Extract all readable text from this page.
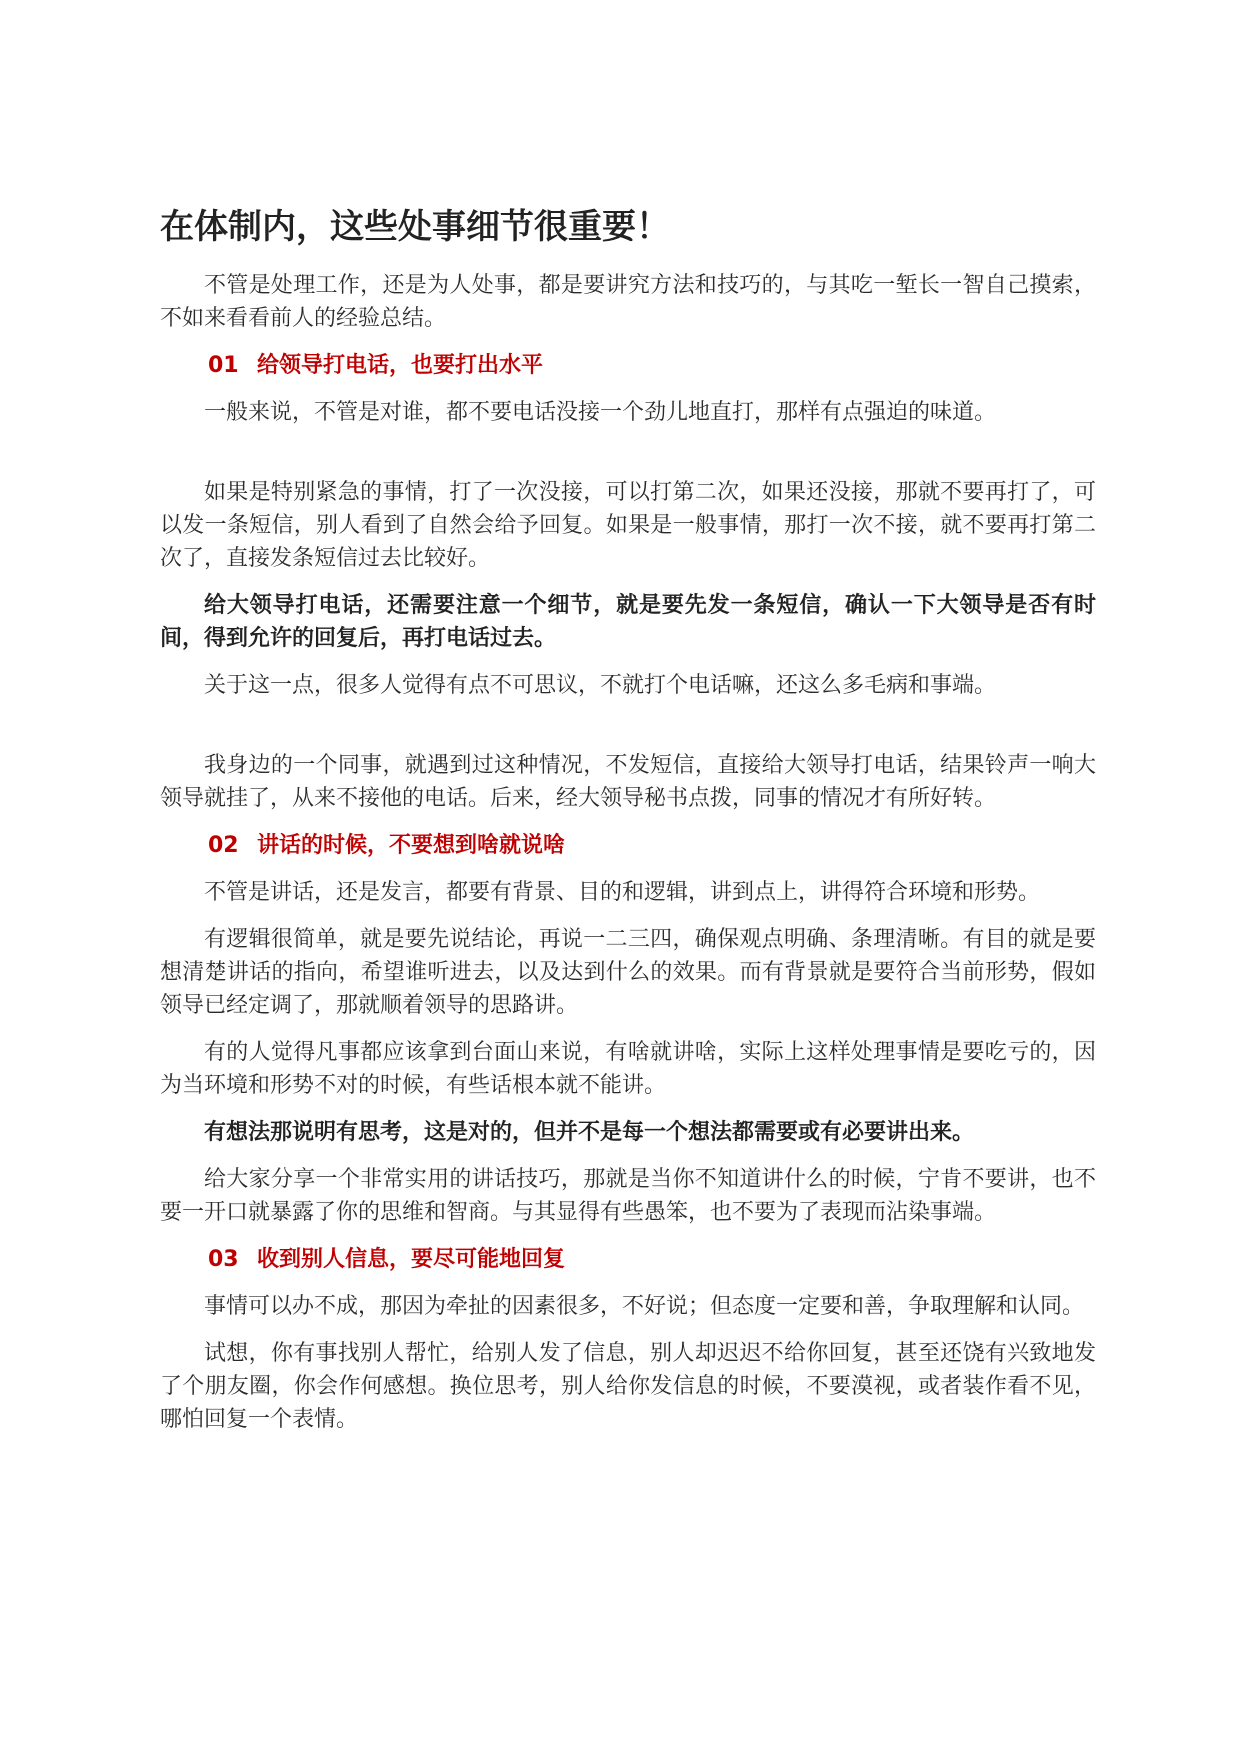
在体制内，这些处事细节很重要！

不管是处理工作，还是为人处事，都是要讲究方法和技巧的，与其吃一堑长一智自己摸索，不如来看看前人的经验总结。

01 给领导打电话，也要打出水平

一般来说，不管是对谁，都不要电话没接一个劲儿地直打，那样有点强迫的味道。

如果是特别紧急的事情，打了一次没接，可以打第二次，如果还没接，那就不要再打了，可以发一条短信，别人看到了自然会给予回复。如果是一般事情，那打一次不接，就不要再打第二次了，直接发条短信过去比较好。

给大领导打电话，还需要注意一个细节，就是要先发一条短信，确认一下大领导是否有时间，得到允许的回复后，再打电话过去。

关于这一点，很多人觉得有点不可思议，不就打个电话嘛，还这么多毛病和事端。

我身边的一个同事，就遇到过这种情况，不发短信，直接给大领导打电话，结果铃声一响大领导就挂了，从来不接他的电话。后来，经大领导秘书点拨，同事的情况才有所好转。

02 讲话的时候，不要想到啥就说啥

不管是讲话，还是发言，都要有背景、目的和逻辑，讲到点上，讲得符合环境和形势。

有逻辑很简单，就是要先说结论，再说一二三四，确保观点明确、条理清晰。有目的就是要想清楚讲话的指向，希望谁听进去，以及达到什么的效果。而有背景就是要符合当前形势，假如领导已经定调了，那就顺着领导的思路讲。

有的人觉得凡事都应该拿到台面山来说，有啥就讲啥，实际上这样处理事情是要吃亏的，因为当环境和形势不对的时候，有些话根本就不能讲。

有想法那说明有思考，这是对的，但并不是每一个想法都需要或有必要讲出来。

给大家分享一个非常实用的讲话技巧，那就是当你不知道讲什么的时候，宁肯不要讲，也不要一开口就暴露了你的思维和智商。与其显得有些愚笨，也不要为了表现而沾染事端。

03 收到别人信息，要尽可能地回复

事情可以办不成，那因为牵扯的因素很多，不好说；但态度一定要和善，争取理解和认同。

试想，你有事找别人帮忙，给别人发了信息，别人却迟迟不给你回复，甚至还饶有兴致地发了个朋友圈，你会作何感想。换位思考，别人给你发信息的时候，不要漠视，或者装作看不见，哪怕回复一个表情。
